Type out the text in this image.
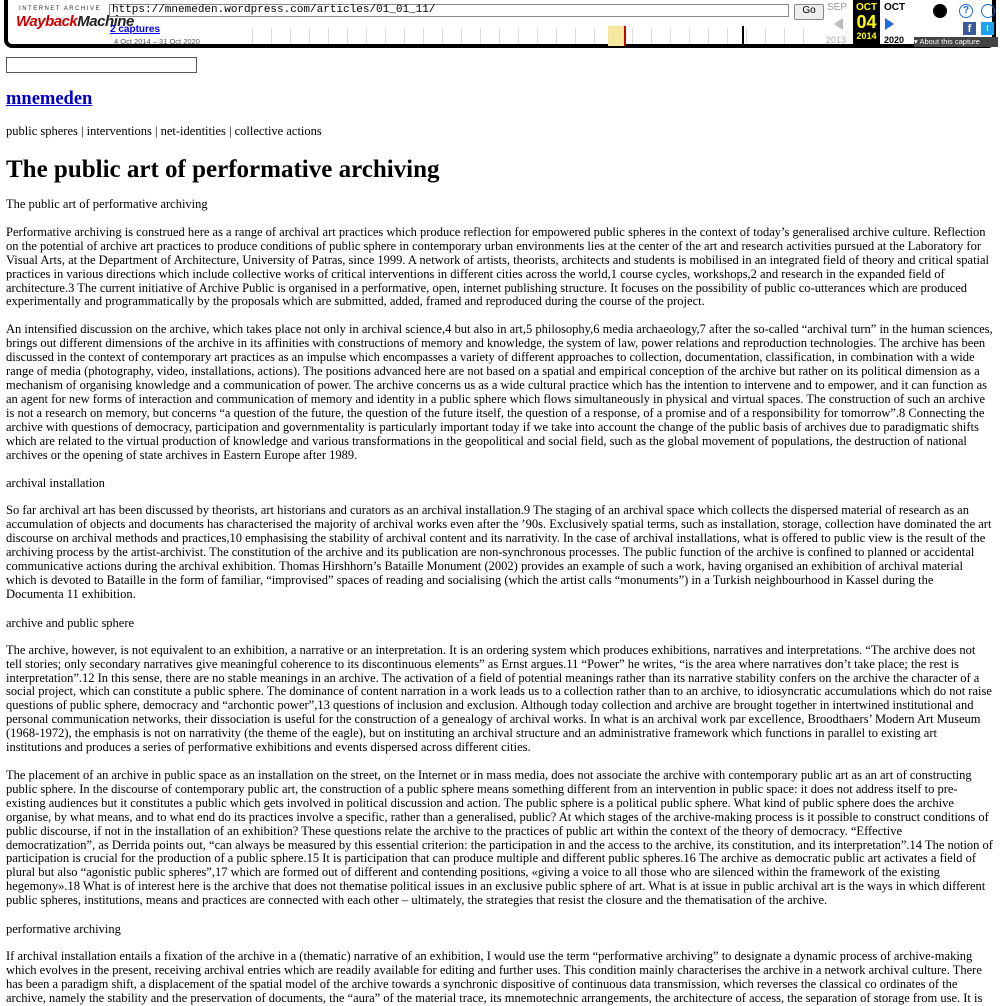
INTERNET ARCHIVE
WaybackMachine
https://mnemeden.wordpress.com/articles/01_01_11/	Go
2 captures
4 Oct 2014 – 31 Oct 2020
SEP
2013
OCT
04
2014
OCT
2020
?
f	t
▾ About this capture
mnemeden
public spheres | interventions | net-identities | collective actions
The public art of performative archiving

The public art of performative archiving

Performative archiving is construed here as a range of archival art practices which produce reflection for empowered public spheres in the context of today’s generalised archive culture. Reflection on the potential of archive art practices to produce conditions of public sphere in contemporary urban environments lies at the center of the art and research activities pursued at the Laboratory for Visual Arts, at the Department of Architecture, University of Patras, since 1999. A network of artists, theorists, architects and students is mobilised in an integrated field of theory and critical spatial practices in various directions which include collective works of critical interventions in different cities across the world,1 course cycles, workshops,2 and research in the expanded field of architecture.3 The current initiative of Archive Public is organised in a performative, open, internet publishing structure. It focuses on the possibility of public co-utterances which are produced experimentally and programmatically by the proposals which are submitted, added, framed and reproduced during the course of the project.

An intensified discussion on the archive, which takes place not only in archival science,4 but also in art,5 philosophy,6 media archaeology,7 after the so-called “archival turn” in the human sciences, brings out different dimensions of the archive in its affinities with constructions of memory and knowledge, the system of law, power relations and reproduction technologies. The archive has been discussed in the context of contemporary art practices as an impulse which encompasses a variety of different approaches to collection, documentation, classification, in combination with a wide range of media (photography, video, installations, actions). The positions advanced here are not based on a spatial and empirical conception of the archive but rather on its political dimension as a mechanism of organising knowledge and a communication of power. The archive concerns us as a wide cultural practice which has the intention to intervene and to empower, and it can function as an agent for new forms of interaction and communication of memory and identity in a public sphere which flows simultaneously in physical and virtual spaces. The construction of such an archive is not a research on memory, but concerns “a question of the future, the question of the future itself, the question of a response, of a promise and of a responsibility for tomorrow”.8 Connecting the archive with questions of democracy, participation and governmentality is particularly important today if we take into account the change of the public basis of archives due to paradigmatic shifts which are related to the virtual production of knowledge and various transformations in the geopolitical and social field, such as the global movement of populations, the destruction of national archives or the opening of state archives in Eastern Europe after 1989.

archival installation

So far archival art has been discussed by theorists, art historians and curators as an archival installation.9 The staging of an archival space which collects the dispersed material of research as an accumulation of objects and documents has characterised the majority of archival works even after the ’90s. Exclusively spatial terms, such as installation, storage, collection have dominated the art discourse on archival methods and practices,10 emphasising the stability of archival content and its narrativity. In the case of archival installations, what is offered to public view is the result of the archiving process by the artist-archivist. The constitution of the archive and its publication are non-synchronous processes. The public function of the archive is confined to planned or accidental communicative actions during the archival exhibition. Thomas Hirshhorn’s Bataille Monument (2002) provides an example of such a work, having organised an exhibition of archival material which is devoted to Bataille in the form of familiar, “improvised” spaces of reading and socialising (which the artist calls “monuments”) in a Turkish neighbourhood in Kassel during the Documenta 11 exhibition.

archive and public sphere

The archive, however, is not equivalent to an exhibition, a narrative or an interpretation. It is an ordering system which produces exhibitions, narratives and interpretations. “The archive does not tell stories; only secondary narratives give meaningful coherence to its discontinuous elements” as Ernst argues.11 “Power” he writes, “is the area where narratives don’t take place; the rest is interpretation”.12 In this sense, there are no stable meanings in an archive. The activation of a field of potential meanings rather than its narrative stability confers on the archive the character of a social project, which can constitute a public sphere. The dominance of content narration in a work leads us to a collection rather than to an archive, to idiosyncratic accumulations which do not raise questions of public sphere, democracy and “archontic power”,13 questions of inclusion and exclusion. Although today collection and archive are brought together in intertwined institutional and personal communication networks, their dissociation is useful for the construction of a genealogy of archival works. In what is an archival work par excellence, Broodthaers’ Modern Art Museum (1968-1972), the emphasis is not on narrativity (the theme of the eagle), but on instituting an archival structure and an administrative framework which functions in parallel to existing art institutions and produces a series of performative exhibitions and events dispersed across different cities.

The placement of an archive in public space as an installation on the street, on the Internet or in mass media, does not associate the archive with contemporary public art as an art of constructing public sphere. In the discourse of contemporary public art, the construction of a public sphere means something different from an intervention in public space: it does not address itself to pre-existing audiences but it constitutes a public which gets involved in political discussion and action. The public sphere is a political public sphere. What kind of public sphere does the archive organise, by what means, and to what end do its practices involve a specific, rather than a generalised, public? At which stages of the archive-making process is it possible to construct conditions of public discourse, if not in the installation of an exhibition? These questions relate the archive to the practices of public art within the context of the theory of democracy. “Effective democratization”, as Derrida points out, “can always be measured by this essential criterion: the participation in and the access to the archive, its constitution, and its interpretation”.14 The notion of participation is crucial for the production of a public sphere.15 It is participation that can produce multiple and different public spheres.16 The archive as democratic public art activates a field of plural but also “agonistic public spheres”,17 which are formed out of different and contending positions, «giving a voice to all those who are silenced within the framework of the existing hegemony».18 What is of interest here is the archive that does not thematise political issues in an exclusive public sphere of art. What is at issue in public archival art is the ways in which different public spheres, institutions, means and practices are connected with each other – ultimately, the strategies that resist the closure and the thematisation of the archive.

performative archiving

If archival installation entails a fixation of the archive in a (thematic) narrative of an exhibition, I would use the term “performative archiving” to designate a dynamic process of archive-making which evolves in the present, receiving archival entries which are readily available for editing and further uses. This condition mainly characterises the archive in a network archival culture. There has been a paradigm shift, a displacement of the spatial model of the archive towards a synchronic dispositive of continuous data transmission, which reverses the classical co ordinates of the archive, namely the stability and the preservation of documents, the “aura” of the material trace, its mnemotechnic arrangements, the architecture of access, the separation of storage from use. It is
